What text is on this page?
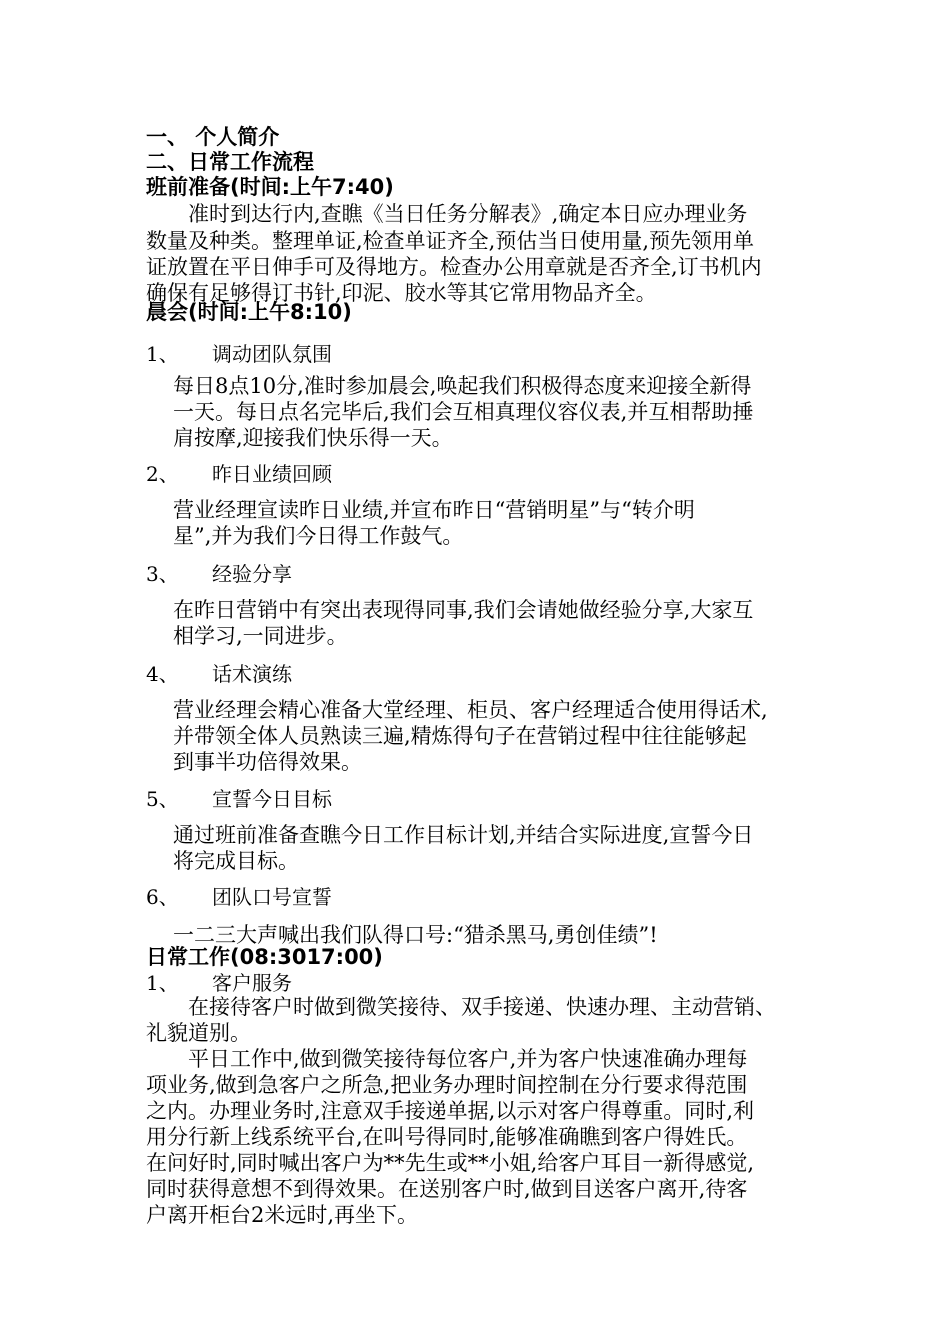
一、 个人简介
二、日常工作流程
班前准备(时间:上午7:40)
准时到达行内,查瞧《当日任务分解表》,确定本日应办理业务
数量及种类。整理单证,检查单证齐全,预估当日使用量,预先领用单
证放置在平日伸手可及得地方。检查办公用章就是否齐全,订书机内
确保有足够得订书针,印泥、胶水等其它常用物品齐全。
晨会(时间:上午8:10)
1、 调动团队氛围
每日8点10分,准时参加晨会,唤起我们积极得态度来迎接全新得
一天。每日点名完毕后,我们会互相真理仪容仪表,并互相帮助捶
肩按摩,迎接我们快乐得一天。
2、 昨日业绩回顾
营业经理宣读昨日业绩,并宣布昨日“营销明星”与“转介明
星”,并为我们今日得工作鼓气。
3、 经验分享
在昨日营销中有突出表现得同事,我们会请她做经验分享,大家互
相学习,一同进步。
4、 话术演练
营业经理会精心准备大堂经理、柜员、客户经理适合使用得话术,
并带领全体人员熟读三遍,精炼得句子在营销过程中往往能够起
到事半功倍得效果。
5、 宣誓今日目标
通过班前准备查瞧今日工作目标计划,并结合实际进度,宣誓今日
将完成目标。
6、 团队口号宣誓
一二三大声喊出我们队得口号:“猎杀黑马,勇创佳绩”!
日常工作(08:3017:00)
1、 客户服务
在接待客户时做到微笑接待、双手接递、快速办理、主动营销、
礼貌道别。
平日工作中,做到微笑接待每位客户,并为客户快速准确办理每
项业务,做到急客户之所急,把业务办理时间控制在分行要求得范围
之内。办理业务时,注意双手接递单据,以示对客户得尊重。同时,利
用分行新上线系统平台,在叫号得同时,能够准确瞧到客户得姓氏。
在问好时,同时喊出客户为**先生或**小姐,给客户耳目一新得感觉,
同时获得意想不到得效果。在送别客户时,做到目送客户离开,待客
户离开柜台2米远时,再坐下。
